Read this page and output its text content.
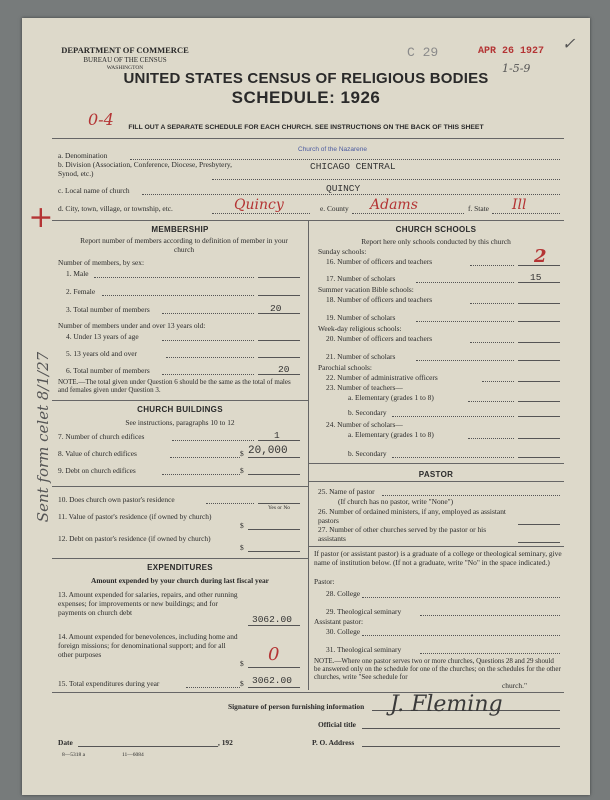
DEPARTMENT OF COMMERCE
BUREAU OF THE CENSUS
WASHINGTON
C 29	APR 26 1927
1-5-9
✓
UNITED STATES CENSUS OF RELIGIOUS BODIES
SCHEDULE: 1926
0-4	FILL OUT A SEPARATE SCHEDULE FOR EACH CHURCH. SEE INSTRUCTIONS ON THE BACK OF THIS SHEET
a. Denomination
Church of the Nazarene
b. Division (Association, Conference, Diocese, Presbytery, Synod, etc.)
CHICAGO CENTRAL
c. Local name of church	QUINCY
d. City, town, village, or township, etc.	Quincy	e. County Adams	f. State Ill
+
Sent form celet 8/1/27
MEMBERSHIP
Report number of members according to definition of member in your church
Number of members, by sex:
1. Male
2. Female
3. Total number of members	20
Number of members under and over 13 years old:
4. Under 13 years of age
5. 13 years old and over
6. Total number of members	20
NOTE.—The total given under Question 6 should be the same as the total of males and females given under Question 3.
CHURCH BUILDINGS
See instructions, paragraphs 10 to 12
7. Number of church edifices	1
8. Value of church edifices	$ 20,000
9. Debt on church edifices	$
10. Does church own pastor's residence
Yes or No
11. Value of pastor's residence (if owned by church)
$
12. Debt on pastor's residence (if owned by church)
$
EXPENDITURES
Amount expended by your church during last fiscal year
13. Amount expended for salaries, repairs, and other running expenses; for improvements or new buildings; and for payments on church debt
3062.00
14. Amount expended for benevolences, including home and foreign missions; for denominational support; and for all other purposes
$ 0
15. Total expenditures during year	$ 3062.00
CHURCH SCHOOLS
Report here only schools conducted by this church
Sunday schools:
16. Number of officers and teachers	2
17. Number of scholars	15
Summer vacation Bible schools:
18. Number of officers and teachers
19. Number of scholars
Week-day religious schools:
20. Number of officers and teachers
21. Number of scholars
Parochial schools:
22. Number of administrative officers
23. Number of teachers—
a. Elementary (grades 1 to 8)
b. Secondary
24. Number of scholars—
a. Elementary (grades 1 to 8)
b. Secondary
PASTOR
25. Name of pastor
(If church has no pastor, write "None")
26. Number of ordained ministers, if any, employed as assistant pastors
27. Number of other churches served by the pastor or his assistants
If pastor (or assistant pastor) is a graduate of a college or theological seminary, give name of institution below. (If not a graduate, write "No" in the space indicated.)
Pastor:
28. College
29. Theological seminary
Assistant pastor:
30. College
31. Theological seminary
NOTE.—Where one pastor serves two or more churches, Questions 28 and 29 should be answered only on the schedule for one of the churches; on the schedules for the other churches, write "See schedule for
church."
Signature of person furnishing information J. Fleming
Official title
Date	, 192	P. O. Address
8—5318 a	11—6084
